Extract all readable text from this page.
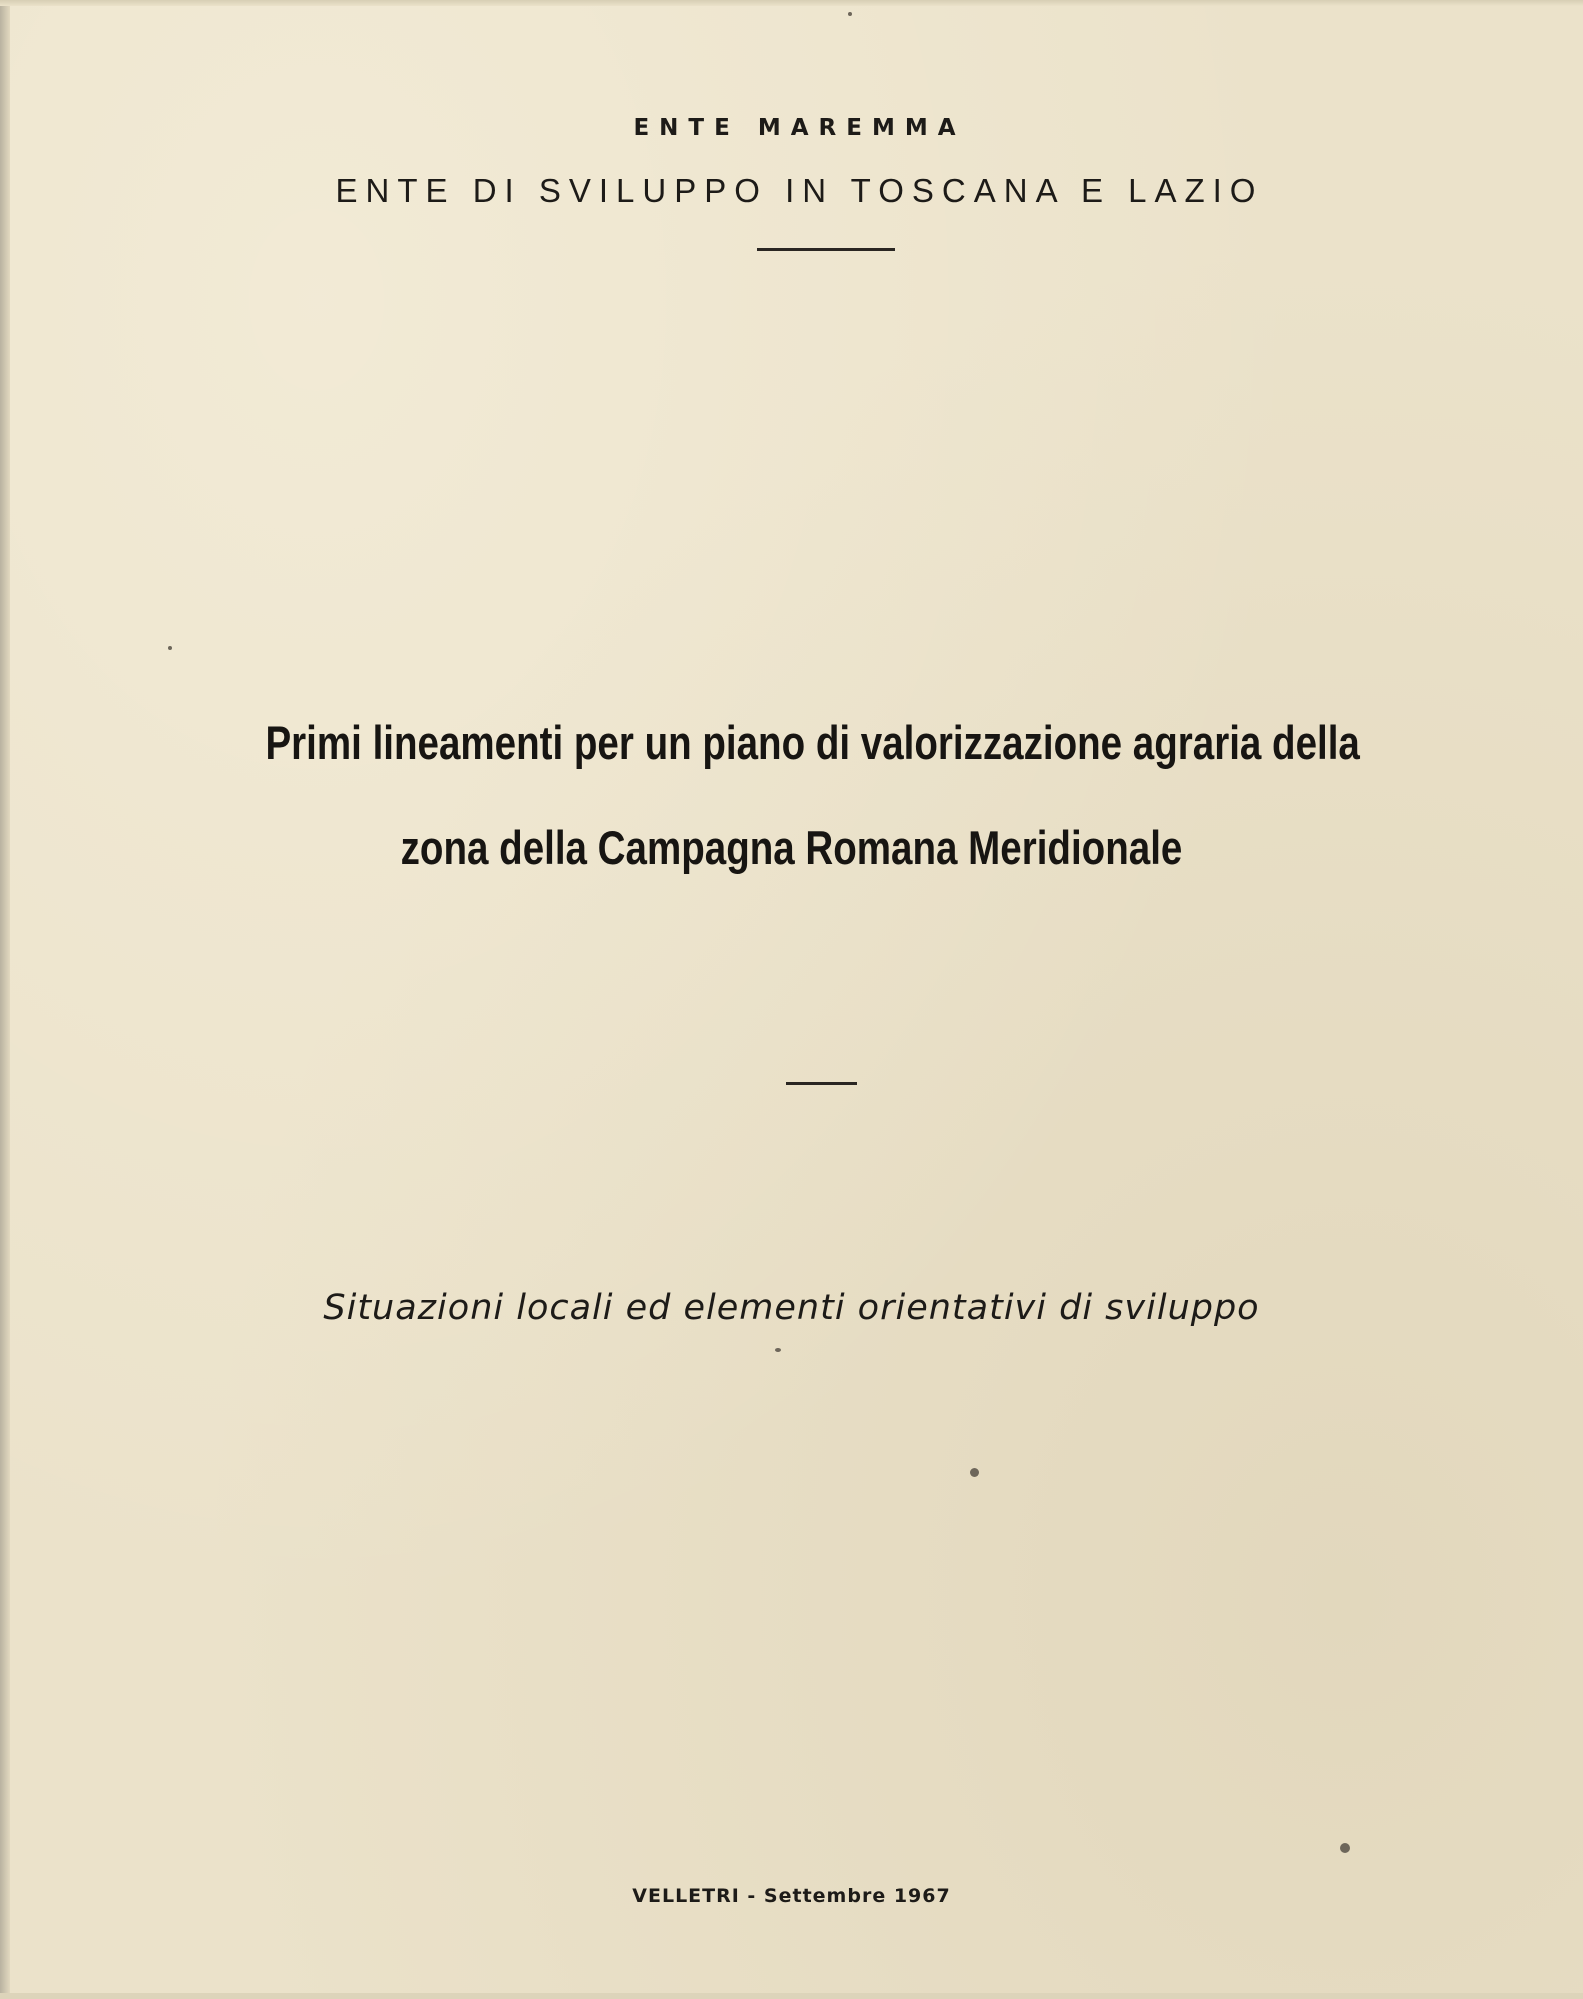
ENTE MAREMMA
ENTE DI SVILUPPO IN TOSCANA E LAZIO
Primi lineamenti per un piano di valorizzazione agraria della
zona della Campagna Romana Meridionale
Situazioni locali ed elementi orientativi di sviluppo
VELLETRI - Settembre 1967
